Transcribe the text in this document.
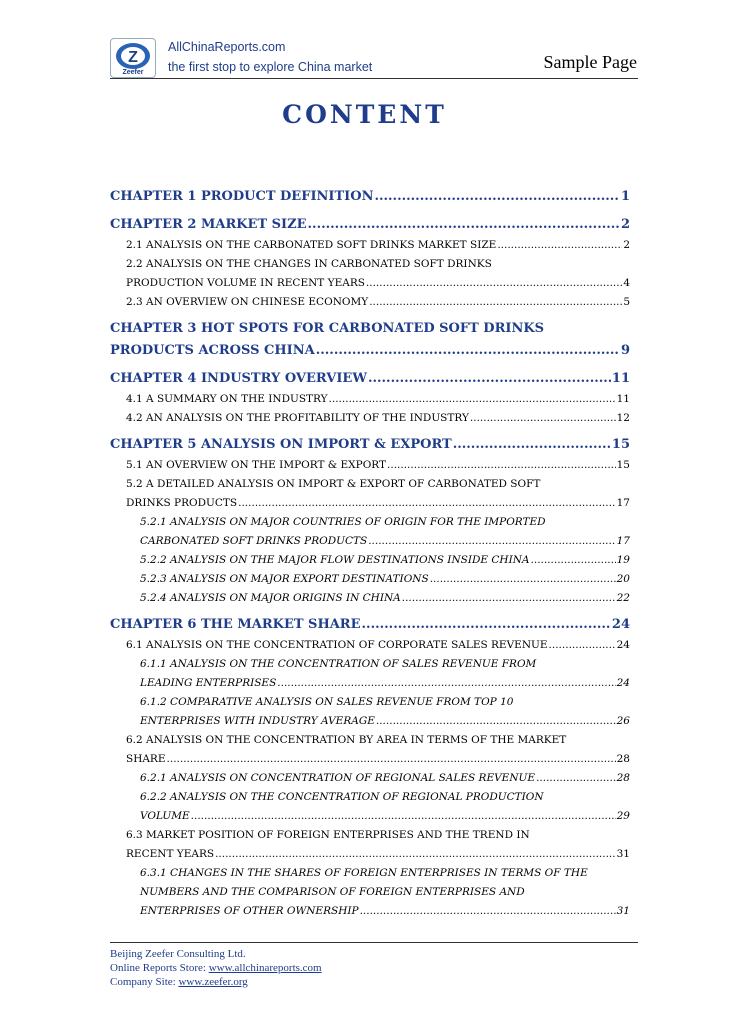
Z
Zeefer
AllChinaReports.com
the first stop to explore China market	Sample Page
CONTENT
CHAPTER 1 PRODUCT DEFINITION .....	1
CHAPTER 2 MARKET SIZE .....	2
2.1 ANALYSIS ON THE CARBONATED SOFT DRINKS MARKET SIZE .....	2
2.2 ANALYSIS ON THE CHANGES IN CARBONATED SOFT DRINKS
PRODUCTION VOLUME IN RECENT YEARS .....	4
2.3 AN OVERVIEW ON CHINESE ECONOMY .....	5
CHAPTER 3 HOT SPOTS FOR CARBONATED SOFT DRINKS
PRODUCTS ACROSS CHINA .....	9
CHAPTER 4 INDUSTRY OVERVIEW .....	11
4.1 A SUMMARY ON THE INDUSTRY .....	11
4.2 AN ANALYSIS ON THE PROFITABILITY OF THE INDUSTRY .....	12
CHAPTER 5 ANALYSIS ON IMPORT & EXPORT .....	15
5.1 AN OVERVIEW ON THE IMPORT & EXPORT .....	15
5.2 A DETAILED ANALYSIS ON IMPORT & EXPORT OF CARBONATED SOFT
DRINKS PRODUCTS .....	17
5.2.1 ANALYSIS ON MAJOR COUNTRIES OF ORIGIN FOR THE IMPORTED
CARBONATED SOFT DRINKS PRODUCTS .....	17
5.2.2 ANALYSIS ON THE MAJOR FLOW DESTINATIONS INSIDE CHINA .....	19
5.2.3 ANALYSIS ON MAJOR EXPORT DESTINATIONS .....	20
5.2.4 ANALYSIS ON MAJOR ORIGINS IN CHINA .....	22
CHAPTER 6 THE MARKET SHARE .....	24
6.1 ANALYSIS ON THE CONCENTRATION OF CORPORATE SALES REVENUE .....	24
6.1.1 ANALYSIS ON THE CONCENTRATION OF SALES REVENUE FROM
LEADING ENTERPRISES .....	24
6.1.2 COMPARATIVE ANALYSIS ON SALES REVENUE FROM TOP 10
ENTERPRISES WITH INDUSTRY AVERAGE .....	26
6.2 ANALYSIS ON THE CONCENTRATION BY AREA IN TERMS OF THE MARKET
SHARE .....	28
6.2.1 ANALYSIS ON CONCENTRATION OF REGIONAL SALES REVENUE .....	28
6.2.2 ANALYSIS ON THE CONCENTRATION OF REGIONAL PRODUCTION
VOLUME .....	29
6.3 MARKET POSITION OF FOREIGN ENTERPRISES AND THE TREND IN
RECENT YEARS .....	31
6.3.1 CHANGES IN THE SHARES OF FOREIGN ENTERPRISES IN TERMS OF THE
NUMBERS AND THE COMPARISON OF FOREIGN ENTERPRISES AND
ENTERPRISES OF OTHER OWNERSHIP .....	31
Beijing Zeefer Consulting Ltd.
Online Reports Store: www.allchinareports.com
Company Site: www.zeefer.org
